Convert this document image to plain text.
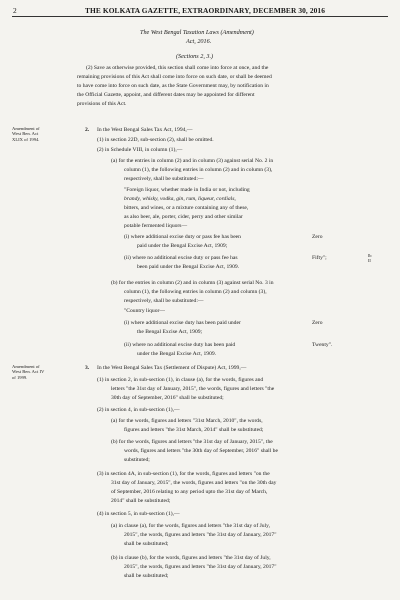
2	THE KOLKATA GAZETTE, EXTRAORDINARY, DECEMBER 30, 2016
The West Bengal Taxation Laws (Amendment)
Act, 2016.
(Sections 2, 3.)
(2) Save as otherwise provided, this section shall come into force at once, and the
remaining provisions of this Act shall come into force on such date, or shall be deemed
to have come into force on such date, as the State Government may, by notification in
the Official Gazette, appoint, and different dates may be appointed for different
provisions of this Act.
Amendment of
West Ben. Act
XLIX of 1994.
2. In the West Bengal Sales Tax Act, 1994,—
(1) in section 22D, sub-section (2), shall be omitted.
(2) in Schedule VIII, in column (1),—
(a) for the entries in column (2) and in column (3) against serial No. 2 in
column (1), the following entries in column (2) and in column (3),
respectively, shall be substituted:—
"Foreign liquor, whether made in India or not, including
brandy, whisky, vodka, gin, rum, liqueur, cordials,
bitters, and wines, or a mixture containing any of these,
as also beer, ale, porter, cider, perry and other similar
potable fermented liquors—
(i) where additional excise duty or pass fee has been
paid under the Bengal Excise Act, 1909;
Zero
(ii) where no additional excise duty or pass fee has
been paid under the Bengal Excise Act, 1909.
Fifty";	Ib
II
(b) for the entries in column (2) and in column (3) against serial No. 3 in
column (1), the following entries in column (2) and column (3),
respectively, shall be substituted:—
"Country liquor—
(i) where additional excise duty has been paid under
the Bengal Excise Act, 1909;
Zero
(ii) where no additional excise duty has been paid
under the Bengal Excise Act, 1909.
Twenty".
Amendment of
West Ben. Act IV
of 1999.
3. In the West Bengal Sales Tax (Settlement of Dispute) Act, 1999,—
(1) in section 2, in sub-section (1), in clause (a), for the words, figures and
letters "the 31st day of January, 2015", the words, figures and letters "the
30th day of September, 2016" shall be substituted;
(2) in section 4, in sub-section (1),—
(a) for the words, figures and letters "31st March, 2010", the words,
figures and letters "the 31st March, 2014" shall be substituted;
(b) for the words, figures and letters "the 31st day of January, 2015", the
words, figures and letters "the 30th day of September, 2016" shall be
substituted;
(3) in section 4A, in sub-section (1), for the words, figures and letters "on the
31st day of January, 2015", the words, figures and letters "on the 30th day
of September, 2016 relating to any period upto the 31st day of March,
2014" shall be substituted;
(4) in section 5, in sub-section (1),—
(a) in clause (a), for the words, figures and letters "the 31st day of July,
2015", the words, figures and letters "the 31st day of January, 2017"
shall be substituted;
(b) in clause (b), for the words, figures and letters "the 31st day of July,
2015", the words, figures and letters "the 31st day of January, 2017"
shall be substituted;
